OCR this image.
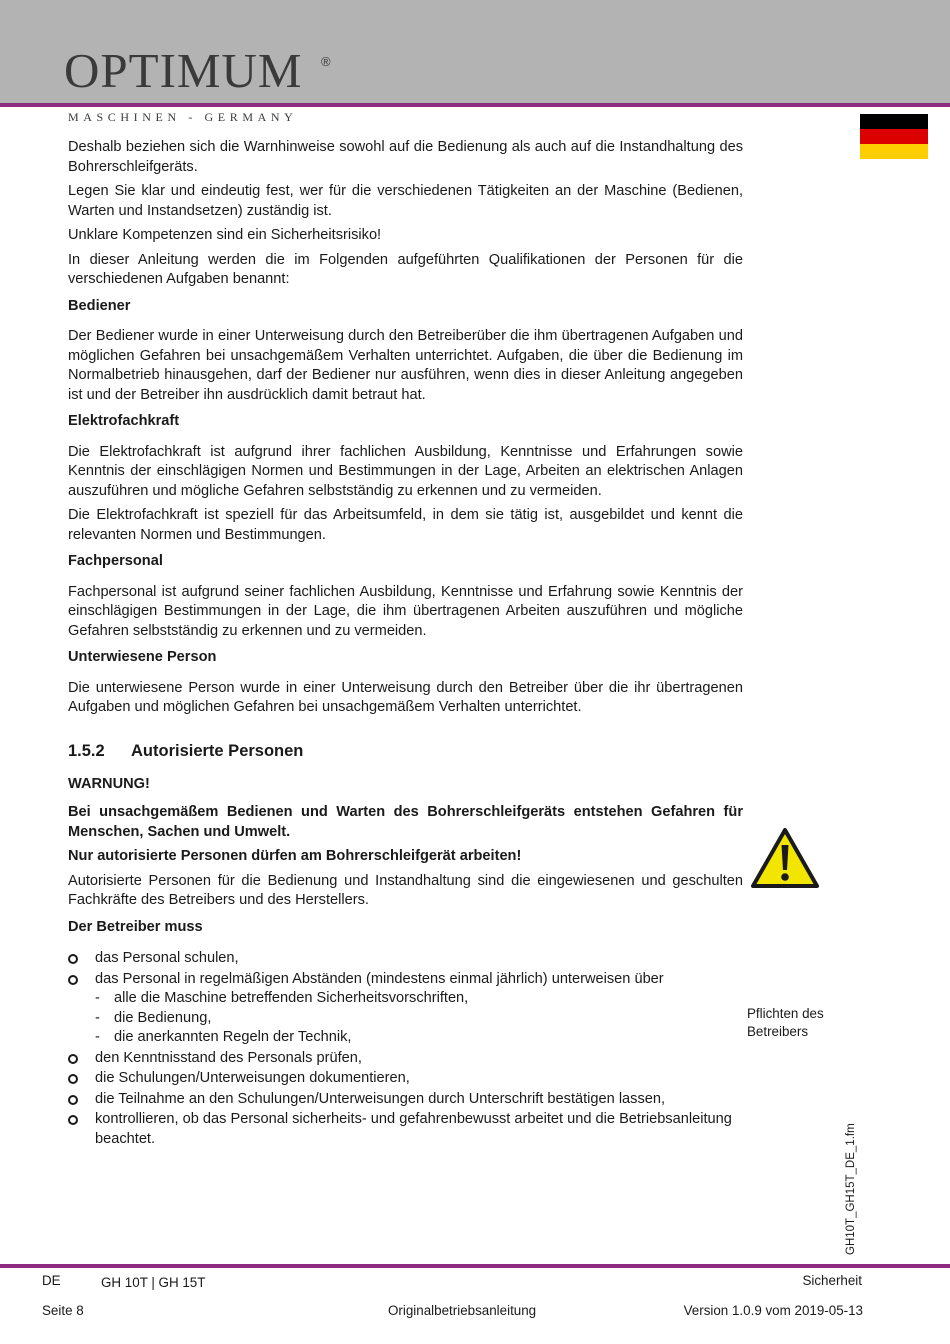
OPTIMUM ®
MASCHINEN - GERMANY

Deshalb beziehen sich die Warnhinweise sowohl auf die Bedienung als auch auf die Instandhaltung des Bohrerschleifgeräts.

Legen Sie klar und eindeutig fest, wer für die verschiedenen Tätigkeiten an der Maschine (Bedienen, Warten und Instandsetzen) zuständig ist.

Unklare Kompetenzen sind ein Sicherheitsrisiko!

In dieser Anleitung werden die im Folgenden aufgeführten Qualifikationen der Personen für die verschiedenen Aufgaben benannt:

Bediener

Der Bediener wurde in einer Unterweisung durch den Betreiberüber die ihm übertragenen Aufgaben und möglichen Gefahren bei unsachgemäßem Verhalten unterrichtet. Aufgaben, die über die Bedienung im Normalbetrieb hinausgehen, darf der Bediener nur ausführen, wenn dies in dieser Anleitung angegeben ist und der Betreiber ihn ausdrücklich damit betraut hat.

Elektrofachkraft

Die Elektrofachkraft ist aufgrund ihrer fachlichen Ausbildung, Kenntnisse und Erfahrungen sowie Kenntnis der einschlägigen Normen und Bestimmungen in der Lage, Arbeiten an elektrischen Anlagen auszuführen und mögliche Gefahren selbstständig zu erkennen und zu vermeiden.

Die Elektrofachkraft ist speziell für das Arbeitsumfeld, in dem sie tätig ist, ausgebildet und kennt die relevanten Normen und Bestimmungen.

Fachpersonal

Fachpersonal ist aufgrund seiner fachlichen Ausbildung, Kenntnisse und Erfahrung sowie Kenntnis der einschlägigen Bestimmungen in der Lage, die ihm übertragenen Arbeiten auszuführen und mögliche Gefahren selbstständig zu erkennen und zu vermeiden.

Unterwiesene Person

Die unterwiesene Person wurde in einer Unterweisung durch den Betreiber über die ihr übertragenen Aufgaben und möglichen Gefahren bei unsachgemäßem Verhalten unterrichtet.

1.5.2 Autorisierte Personen
WARNUNG!

Bei unsachgemäßem Bedienen und Warten des Bohrerschleifgeräts entstehen Gefahren für Menschen, Sachen und Umwelt.

Nur autorisierte Personen dürfen am Bohrerschleifgerät arbeiten!

Autorisierte Personen für die Bedienung und Instandhaltung sind die eingewiesenen und geschulten Fachkräfte des Betreibers und des Herstellers.

Der Betreiber muss
das Personal schulen,
das Personal in regelmäßigen Abständen (mindestens einmal jährlich) unterweisen über
- alle die Maschine betreffenden Sicherheitsvorschriften,
- die Bedienung,
- die anerkannten Regeln der Technik,
den Kenntnisstand des Personals prüfen,
die Schulungen/Unterweisungen dokumentieren,
die Teilnahme an den Schulungen/Unterweisungen durch Unterschrift bestätigen lassen,
kontrollieren, ob das Personal sicherheits- und gefahrenbewusst arbeitet und die Betriebsanleitung beachtet.
Pflichten des Betreibers
GH10T_GH15T_DE_1.fm
DE	GH 10T | GH 15T	Sicherheit
Seite 8	Originalbetriebsanleitung	Version 1.0.9 vom 2019-05-13
